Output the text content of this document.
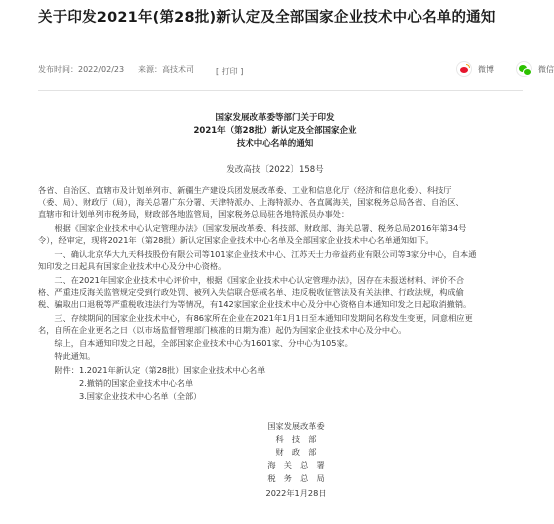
关于印发2021年(第28批)新认定及全部国家企业技术中心名单的通知
发布时间：2022/02/23 来源：高技术司	[ 打印 ]	微博	微信
国家发展改革委等部门关于印发
2021年（第28批）新认定及全部国家企业
技术中心名单的通知
发改高技〔2022〕158号
各省、自治区、直辖市及计划单列市、新疆生产建设兵团发展改革委、工业和信息化厅（经济和信息化委）、科技厅
（委、局）、财政厅（局），海关总署广东分署、天津特派办、上海特派办、各直属海关，国家税务总局各省、自治区、
直辖市和计划单列市税务局，财政部各地监管局，国家税务总局驻各地特派员办事处：
　　根据《国家企业技术中心认定管理办法》（国家发展改革委、科技部、财政部、海关总署、税务总局2016年第34号
令），经审定，现将2021年（第28批）新认定国家企业技术中心名单及全部国家企业技术中心名单通知如下。
　　一、确认北京华大九天科技股份有限公司等101家企业技术中心、江苏天士力帝益药业有限公司等3家分中心，自本通
知印发之日起具有国家企业技术中心及分中心资格。
　　二、在2021年国家企业技术中心评价中，根据《国家企业技术中心认定管理办法》，因存在未报送材料、评价不合
格、严重违反海关监管规定受到行政处罚、被列入失信联合惩戒名单、违反税收征管法及有关法律、行政法规，构成偷
税、骗取出口退税等严重税收违法行为等情况，有142家国家企业技术中心及分中心资格自本通知印发之日起取消撤销。
　　三、存续期间的国家企业技术中心，有86家所在企业在2021年1月1日至本通知印发期间名称发生变更，同意相应更
名，自所在企业更名之日（以市场监督管理部门核准的日期为准）起仍为国家企业技术中心及分中心。
　　综上，自本通知印发之日起，全部国家企业技术中心为1601家、分中心为105家。
　　特此通知。
　　附件：1.2021年新认定（第28批）国家企业技术中心名单
　　　　　2.撤销的国家企业技术中心名单
　　　　　3.国家企业技术中心名单（全部）
国家发展改革委
科　技　部
财　政　部
海　关　总　署
税　务　总　局
2022年1月28日
